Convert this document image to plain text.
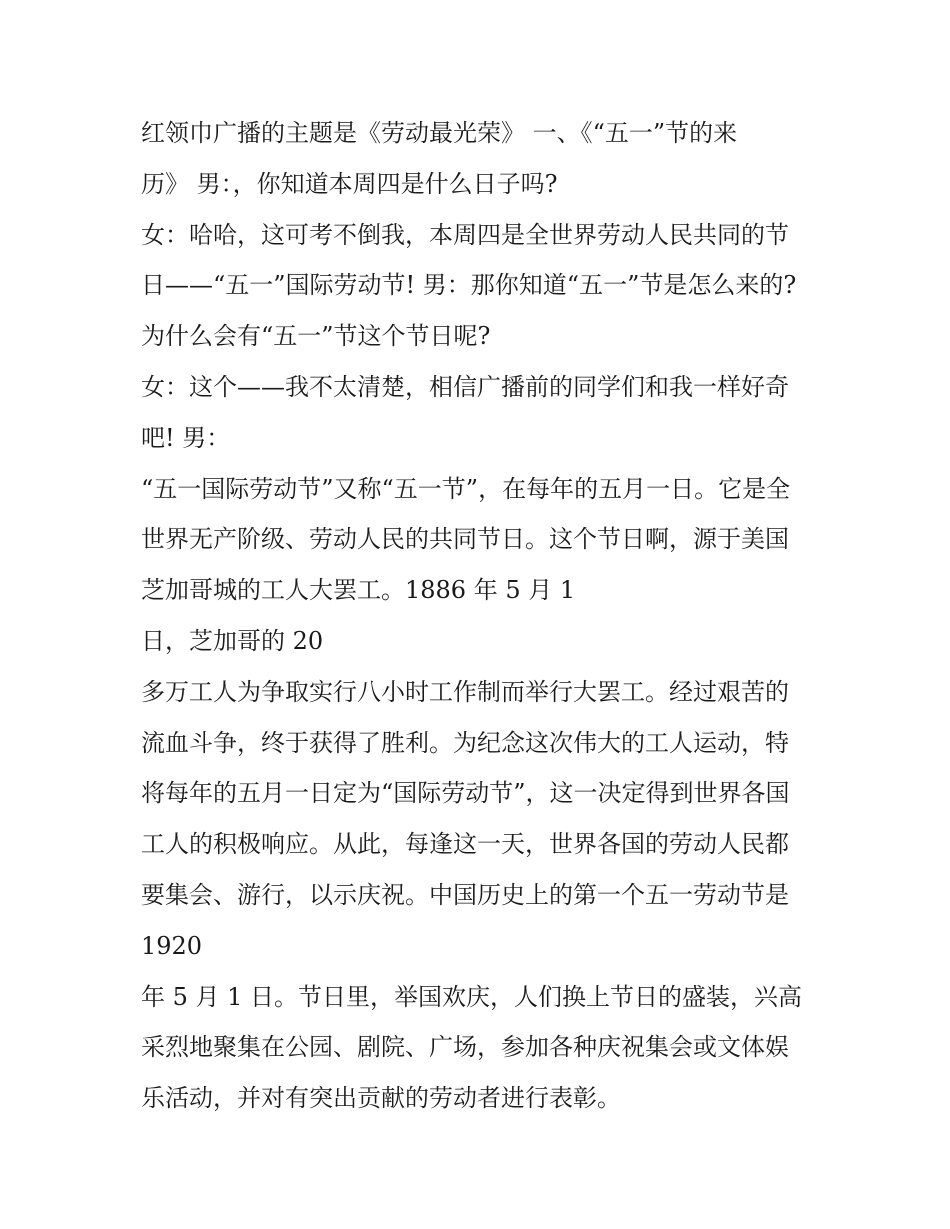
红领巾广播的主题是《劳动最光荣》 一、《“五一”节的来
历》 男：，你知道本周四是什么日子吗?
女：哈哈，这可考不倒我，本周四是全世界劳动人民共同的节
日——“五一”国际劳动节! 男：那你知道“五一”节是怎么来的?
为什么会有“五一”节这个节日呢?
女：这个——我不太清楚，相信广播前的同学们和我一样好奇
吧! 男：
“五一国际劳动节”又称“五一节”，在每年的五月一日。它是全
世界无产阶级、劳动人民的共同节日。这个节日啊，源于美国
芝加哥城的工人大罢工。1886 年 5 月 1
日，芝加哥的 20
多万工人为争取实行八小时工作制而举行大罢工。经过艰苦的
流血斗争，终于获得了胜利。为纪念这次伟大的工人运动，特
将每年的五月一日定为“国际劳动节”，这一决定得到世界各国
工人的积极响应。从此，每逢这一天，世界各国的劳动人民都
要集会、游行，以示庆祝。中国历史上的第一个五一劳动节是
1920
年 5 月 1 日。节日里，举国欢庆，人们换上节日的盛装，兴高
采烈地聚集在公园、剧院、广场，参加各种庆祝集会或文体娱
乐活动，并对有突出贡献的劳动者进行表彰。
